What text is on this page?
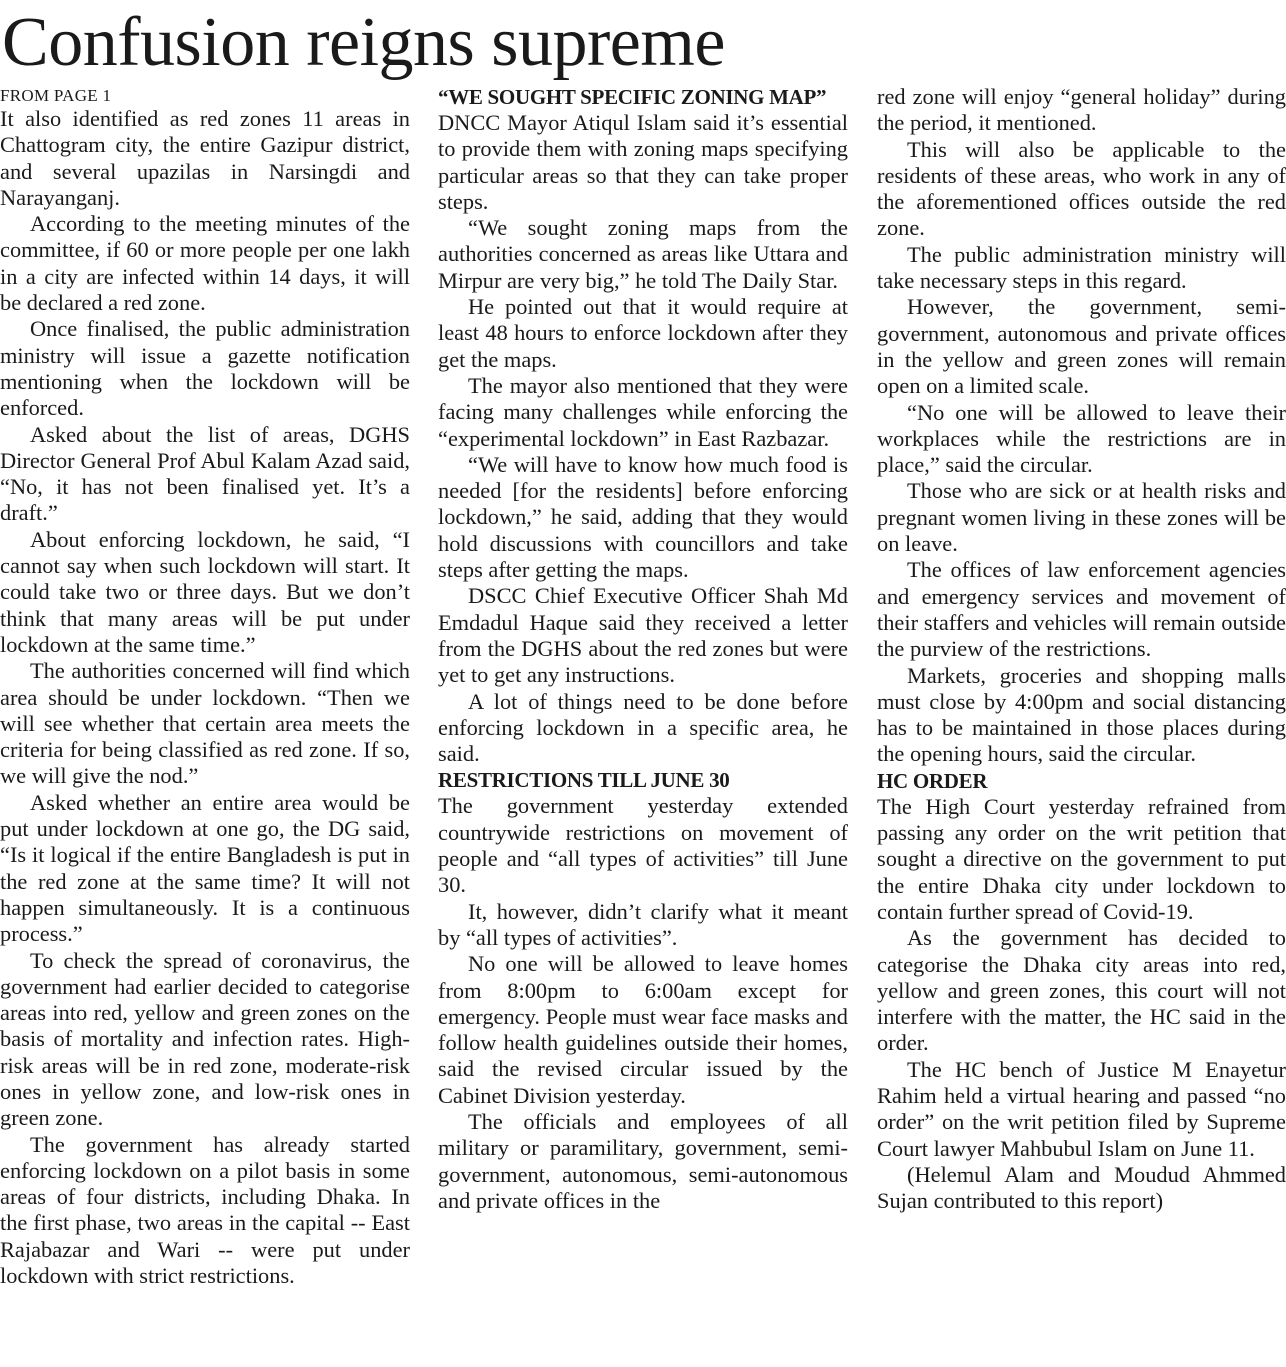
Confusion reigns supreme
FROM PAGE 1

It also identified as red zones 11 areas in Chattogram city, the entire Gazipur district, and several upazilas in Narsingdi and Narayanganj.

According to the meeting minutes of the committee, if 60 or more people per one lakh in a city are infected within 14 days, it will be declared a red zone.

Once finalised, the public administration ministry will issue a gazette notification mentioning when the lockdown will be enforced.

Asked about the list of areas, DGHS Director General Prof Abul Kalam Azad said, “No, it has not been finalised yet. It’s a draft.”

About enforcing lockdown, he said, “I cannot say when such lockdown will start. It could take two or three days. But we don’t think that many areas will be put under lockdown at the same time.”

The authorities concerned will find which area should be under lockdown. “Then we will see whether that certain area meets the criteria for being classified as red zone. If so, we will give the nod.”

Asked whether an entire area would be put under lockdown at one go, the DG said, “Is it logical if the entire Bangladesh is put in the red zone at the same time? It will not happen simultaneously. It is a continuous process.”

To check the spread of coronavirus, the government had earlier decided to categorise areas into red, yellow and green zones on the basis of mortality and infection rates. High-risk areas will be in red zone, moderate-risk ones in yellow zone, and low-risk ones in green zone.

The government has already started enforcing lockdown on a pilot basis in some areas of four districts, including Dhaka. In the first phase, two areas in the capital -- East Rajabazar and Wari -- were put under lockdown with strict restrictions.

“WE SOUGHT SPECIFIC ZONING MAP”

DNCC Mayor Atiqul Islam said it’s essential to provide them with zoning maps specifying particular areas so that they can take proper steps.

“We sought zoning maps from the authorities concerned as areas like Uttara and Mirpur are very big,” he told The Daily Star.

He pointed out that it would require at least 48 hours to enforce lockdown after they get the maps.

The mayor also mentioned that they were facing many challenges while enforcing the “experimental lockdown” in East Razbazar.

“We will have to know how much food is needed [for the residents] before enforcing lockdown,” he said, adding that they would hold discussions with councillors and take steps after getting the maps.

DSCC Chief Executive Officer Shah Md Emdadul Haque said they received a letter from the DGHS about the red zones but were yet to get any instructions.

A lot of things need to be done before enforcing lockdown in a specific area, he said.

RESTRICTIONS TILL JUNE 30

The government yesterday extended countrywide restrictions on movement of people and “all types of activities” till June 30.

It, however, didn’t clarify what it meant by “all types of activities”.

No one will be allowed to leave homes from 8:00pm to 6:00am except for emergency. People must wear face masks and follow health guidelines outside their homes, said the revised circular issued by the Cabinet Division yesterday.

The officials and employees of all military or paramilitary, government, semi-government, autonomous, semi-autonomous and private offices in the

red zone will enjoy “general holiday” during the period, it mentioned.

This will also be applicable to the residents of these areas, who work in any of the aforementioned offices outside the red zone.

The public administration ministry will take necessary steps in this regard.

However, the government, semi-government, autonomous and private offices in the yellow and green zones will remain open on a limited scale.

“No one will be allowed to leave their workplaces while the restrictions are in place,” said the circular.

Those who are sick or at health risks and pregnant women living in these zones will be on leave.

The offices of law enforcement agencies and emergency services and movement of their staffers and vehicles will remain outside the purview of the restrictions.

Markets, groceries and shopping malls must close by 4:00pm and social distancing has to be maintained in those places during the opening hours, said the circular.

HC ORDER

The High Court yesterday refrained from passing any order on the writ petition that sought a directive on the government to put the entire Dhaka city under lockdown to contain further spread of Covid-19.

As the government has decided to categorise the Dhaka city areas into red, yellow and green zones, this court will not interfere with the matter, the HC said in the order.

The HC bench of Justice M Enayetur Rahim held a virtual hearing and passed “no order” on the writ petition filed by Supreme Court lawyer Mahbubul Islam on June 11.

(Helemul Alam and Moudud Ahmmed Sujan contributed to this report)
